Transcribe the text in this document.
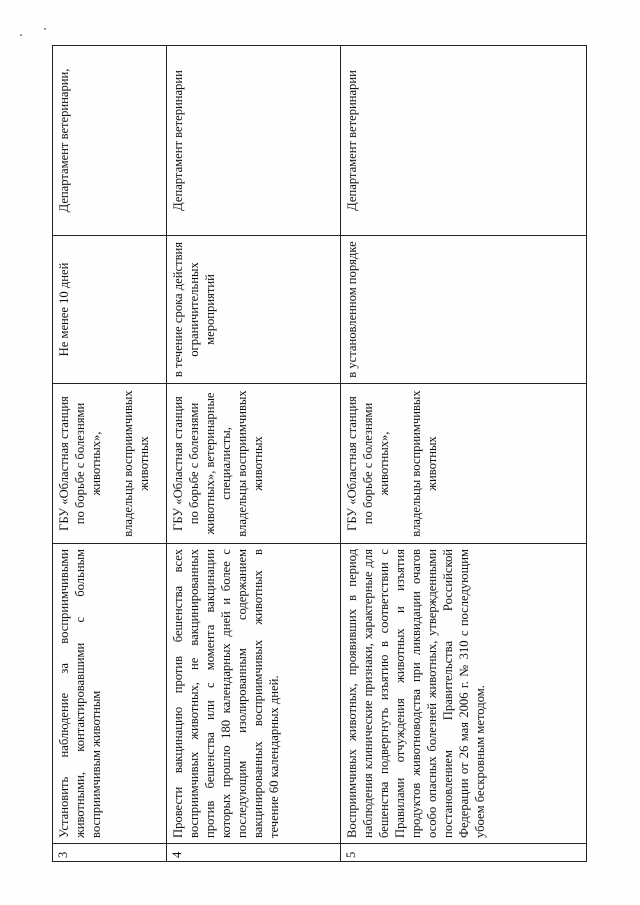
3	Установить наблюдение за восприимчивыми животными, контактировавшими с больным восприимчивым животным	ГБУ «Областная станция по борьбе с болезнями животных», владельцы восприимчивых животных	Не менее 10 дней	Департамент ветеринарии,
4	Провести вакцинацию против бешенства всех восприимчивых животных, не вакцинированных против бешенства или с момента вакцинации которых прошло 180 календарных дней и более с последующим изолированным содержанием вакцинированных восприимчивых животных в течение 60 календарных дней.	ГБУ «Областная станция по борьбе с болезнями животных», ветеринарные специалисты, владельцы восприимчивых животных	в течение срока действия ограничительных мероприятий	Департамент ветеринарии
5	Восприимчивых животных, проявивших в период наблюдения клинические признаки, характерные для бешенства подвергнуть изъятию в соответствии с Правилами отчуждения животных и изъятия продуктов животноводства при ликвидации очагов особо опасных болезней животных, утвержденными постановлением Правительства Российской Федерации от 26 мая 2006 г. № 310 с последующим убоем бескровным методом.	ГБУ «Областная станция по борьбе с болезнями животных», владельцы восприимчивых животных	в установленном порядке	Департамент ветеринарии
